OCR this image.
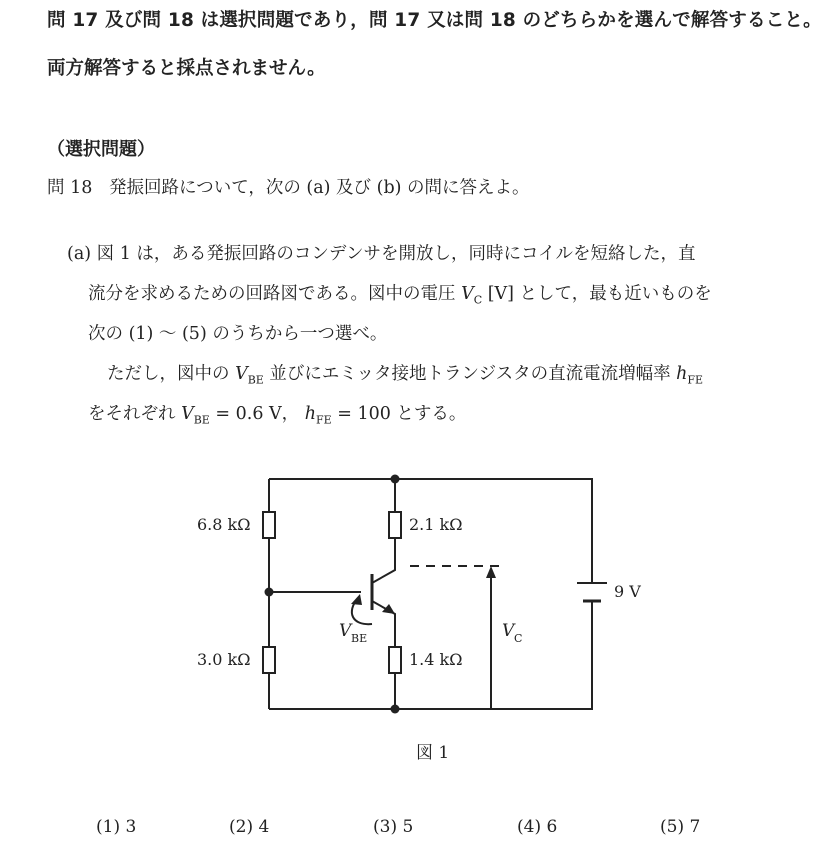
問 17 及び問 18 は選択問題であり，問 17 又は問 18 のどちらかを選んで解答すること。
両方解答すると採点されません。
（選択問題）
問 18 発振回路について，次の (a) 及び (b) の問に答えよ。
(a) 図 1 は，ある発振回路のコンデンサを開放し，同時にコイルを短絡した，直
流分を求めるための回路図である。図中の電圧 $V_C$ [V] として，最も近いものを
次の (1) ～ (5) のうちから一つ選べ。
ただし，図中の $V_{BE}$ 並びにエミッタ接地トランジスタの直流電流増幅率 $h_{FE}$
をそれぞれ $V_{BE} = 0.6$ V， $h_{FE} = 100$ とする。
6.8 kΩ
3.0 kΩ
2.1 kΩ
1.4 kΩ
9 V
V BE	V C
図 1
(1) 3	(2) 4	(3) 5	(4) 6	(5) 7
